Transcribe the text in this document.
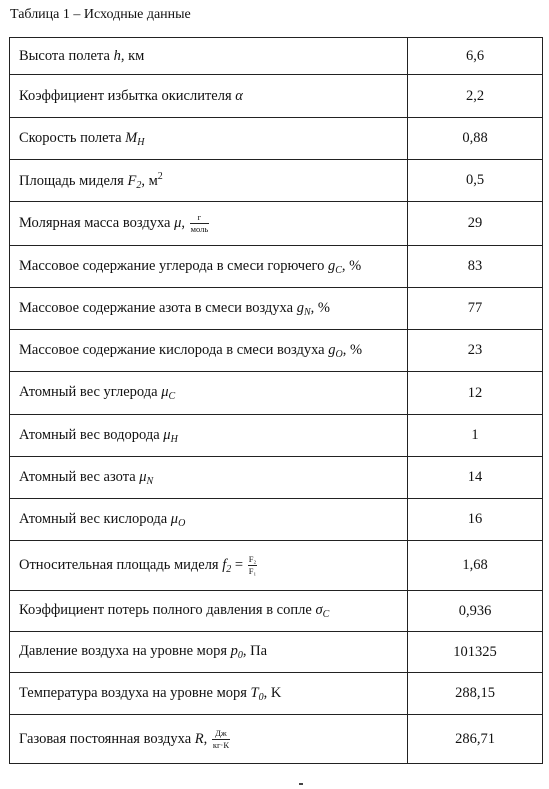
Таблица 1 – Исходные данные
Высота полета h, км	6,6
Коэффициент избытка окислителя α	2,2
Скорость полета $M_H$	0,88
Площадь миделя $F_2$, $м^2$	0,5
Молярная масса воздуха μ, $\frac{г}{\text{моль}}$	29
Массовое содержание углерода в смеси горючего $g_C$, %	83
Массовое содержание азота в смеси воздуха $g_N$, %	77
Массовое содержание кислорода в смеси воздуха $g_O$, %	23
Атомный вес углерода $\mu_C$	12
Атомный вес водорода $\mu_H$	1
Атомный вес азота $\mu_N$	14
Атомный вес кислорода $\mu_O$	16
Относительная площадь миделя $f_2 = \frac{\text{F₂}}{\text{F₁}}$	1,68
Коэффициент потерь полного давления в сопле $\sigma_C$	0,936
Давление воздуха на уровне моря $p_0$, Па	101325
Температура воздуха на уровне моря $T_0$, K	288,15
Газовая постоянная воздуха R, $\frac{Дж}{кг\cdot К}$	286,71
